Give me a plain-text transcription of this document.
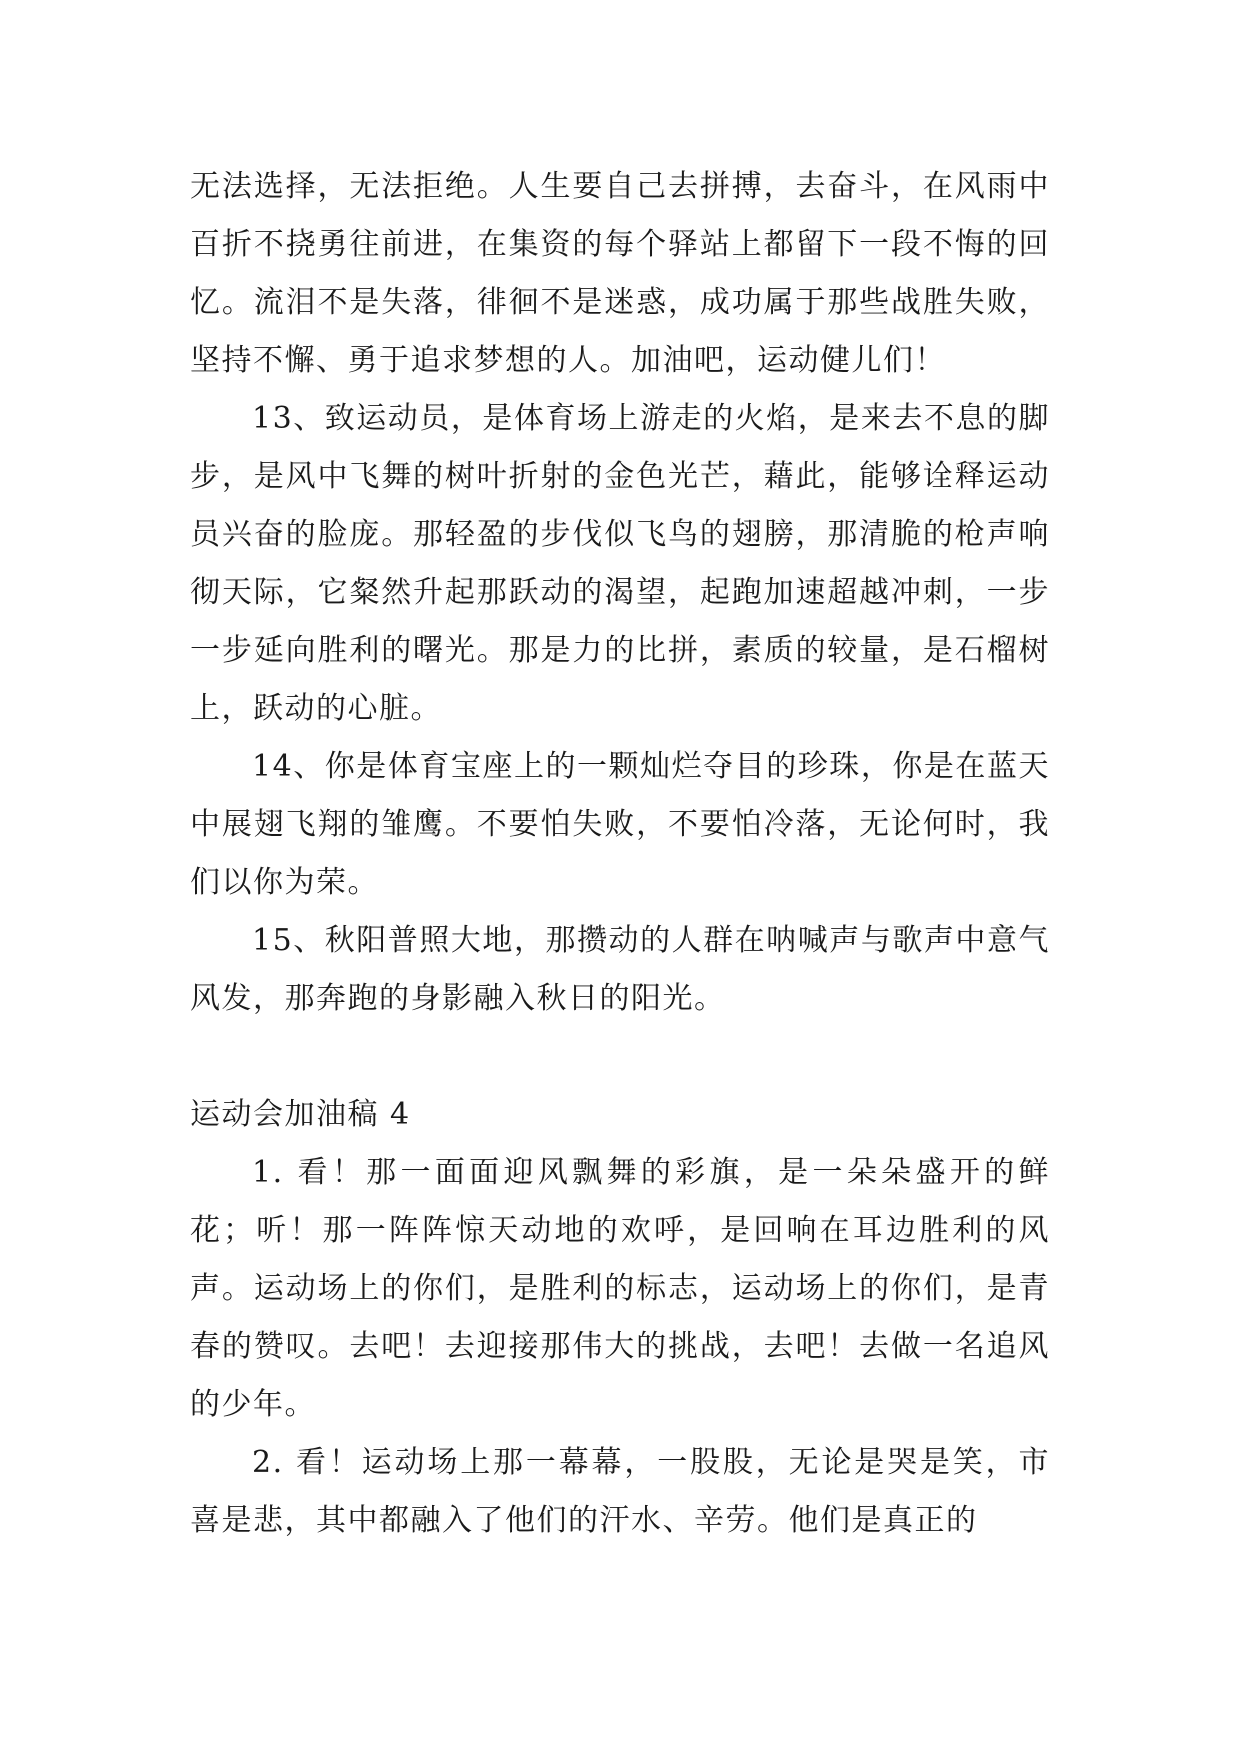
无法选择，无法拒绝。人生要自己去拼搏，去奋斗，在风雨中百折不挠勇往前进，在集资的每个驿站上都留下一段不悔的回忆。流泪不是失落，徘徊不是迷惑，成功属于那些战胜失败，坚持不懈、勇于追求梦想的人。加油吧，运动健儿们！

13、致运动员，是体育场上游走的火焰，是来去不息的脚步，是风中飞舞的树叶折射的金色光芒，藉此，能够诠释运动员兴奋的脸庞。那轻盈的步伐似飞鸟的翅膀，那清脆的枪声响彻天际，它粲然升起那跃动的渴望，起跑加速超越冲刺，一步一步延向胜利的曙光。那是力的比拼，素质的较量，是石榴树上，跃动的心脏。

14、你是体育宝座上的一颗灿烂夺目的珍珠，你是在蓝天中展翅飞翔的雏鹰。不要怕失败，不要怕冷落，无论何时，我们以你为荣。

15、秋阳普照大地，那攒动的人群在呐喊声与歌声中意气风发，那奔跑的身影融入秋日的阳光。

运动会加油稿 4

1. 看！那一面面迎风飘舞的彩旗，是一朵朵盛开的鲜花；听！那一阵阵惊天动地的欢呼，是回响在耳边胜利的风声。运动场上的你们，是胜利的标志，运动场上的你们，是青春的赞叹。去吧！去迎接那伟大的挑战，去吧！去做一名追风的少年。

2. 看！运动场上那一幕幕，一股股，无论是哭是笑，市喜是悲，其中都融入了他们的汗水、辛劳。他们是真正的
